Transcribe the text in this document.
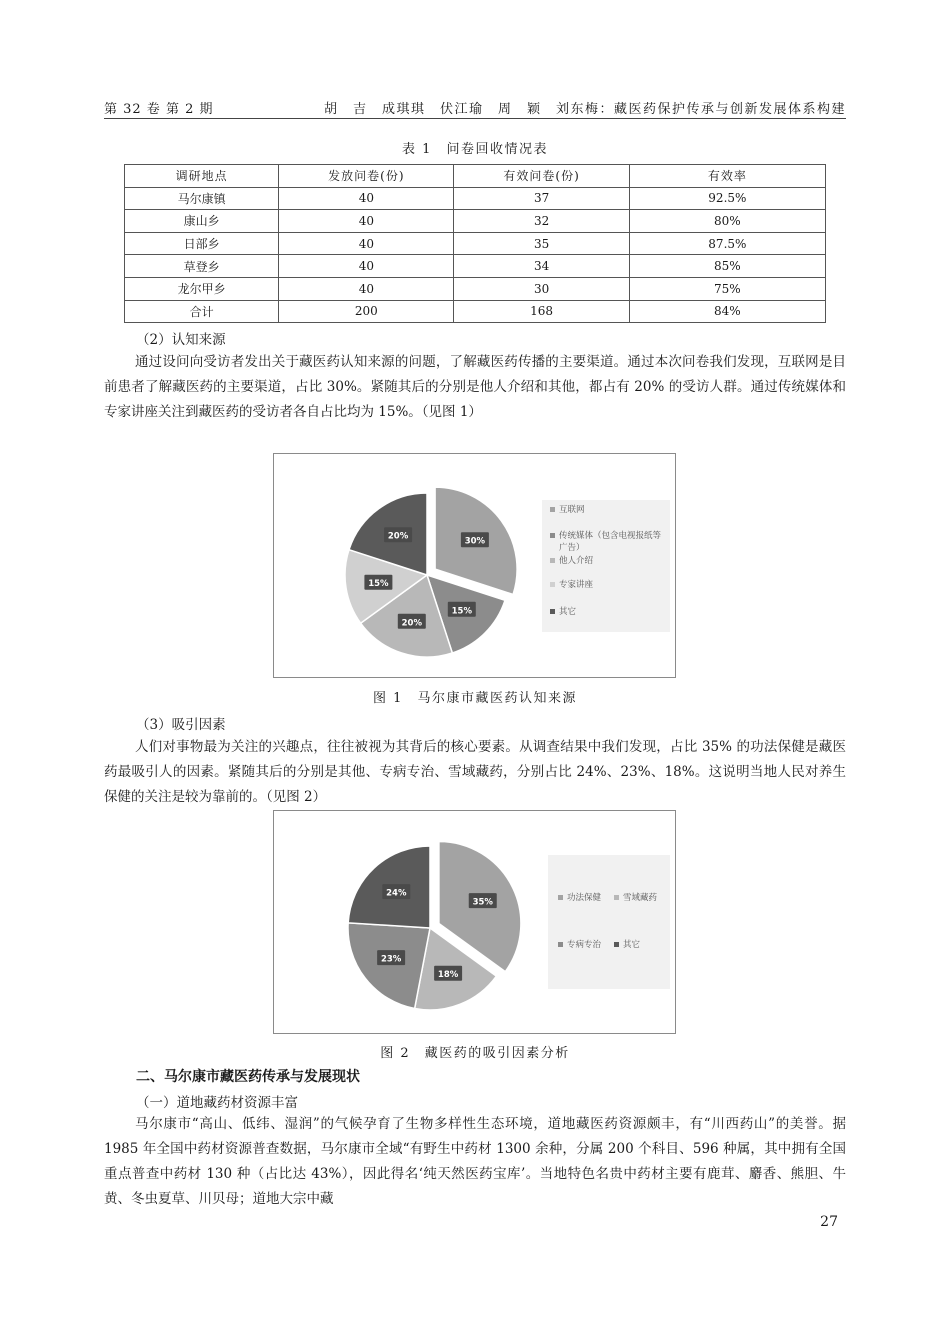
第 32 卷 第 2 期	胡　吉　成琪琪　伏江瑜　周　颖　刘东梅：藏医药保护传承与创新发展体系构建
表 1　问卷回收情况表
调研地点	发放问卷(份)	有效问卷(份)	有效率
马尔康镇	40	37	92.5%
康山乡	40	32	80%
日部乡	40	35	87.5%
草登乡	40	34	85%
龙尔甲乡	40	30	75%
合计	200	168	84%
（2）认知来源
通过设问向受访者发出关于藏医药认知来源的问题，了解藏医药传播的主要渠道。通过本次问卷我们发现，互联网是目前患者了解藏医药的主要渠道，占比 30%。紧随其后的分别是他人介绍和其他，都占有 20% 的受访人群。通过传统媒体和专家讲座关注到藏医药的受访者各自占比均为 15%。（见图 1）
30%
15%
20%
15%
20%
互联网
传统媒体（包含电视报纸等
广告）
他人介绍
专家讲座
其它
图 1　马尔康市藏医药认知来源
（3）吸引因素
人们对事物最为关注的兴趣点，往往被视为其背后的核心要素。从调查结果中我们发现，占比 35% 的功法保健是藏医药最吸引人的因素。紧随其后的分别是其他、专病专治、雪域藏药，分别占比 24%、23%、18%。这说明当地人民对养生保健的关注是较为靠前的。（见图 2）
35%
18%
23%
24%	功法保健	雪域藏药
专病专治	其它
图 2　藏医药的吸引因素分析
二、马尔康市藏医药传承与发展现状
（一）道地藏药材资源丰富
马尔康市“高山、低纬、湿润”的气候孕育了生物多样性生态环境，道地藏医药资源颇丰，有“川西药山”的美誉。据 1985 年全国中药材资源普查数据，马尔康市全域“有野生中药材 1300 余种，分属 200 个科目、596 种属，其中拥有全国重点普查中药材 130 种（占比达 43%），因此得名‘纯天然医药宝库’。当地特色名贵中药材主要有鹿茸、麝香、熊胆、牛黄、冬虫夏草、川贝母；道地大宗中藏
27
